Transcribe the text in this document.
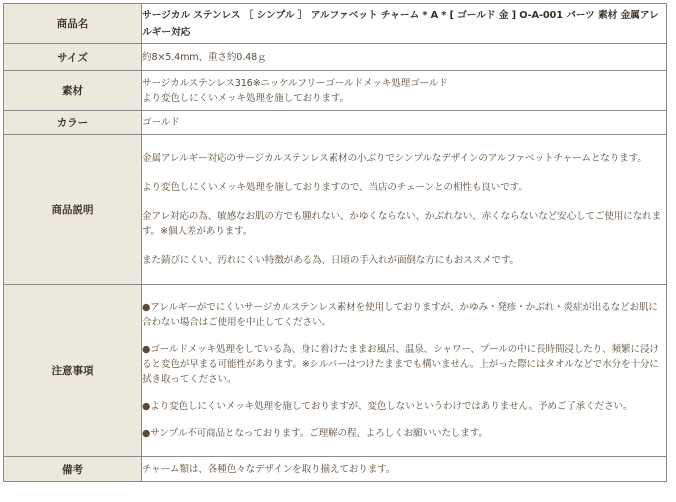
商品名	サージカル ステンレス ［ シンプル ］ アルファベット チャーム * A * [ ゴールド 金 ] O-A-001 パーツ 素材 金属アレルギー対応
サイズ	約8×5.4mm、重さ約0.48ｇ
素材	サージカルステンレス316※ニッケルフリーゴールドメッキ処理ゴールド
より変色しにくいメッキ処理を施しております。

カラー	ゴールド
商品説明	金属アレルギー対応のサージカルステンレス素材の小ぶりでシンプルなデザインのアルファベットチャームとなります。
より変色しにくいメッキ処理を施しておりますので、当店のチェーンとの相性も良いです。
金アレ対応の為、敏感なお肌の方でも腫れない、かゆくならない、かぶれない、赤くならないなど安心してご使用になれます。※個人差があります。
また錆びにくい、汚れにくい特徴がある為、日頃の手入れが面倒な方にもおススメです。

注意事項	●アレルギーがでにくいサージカルステンレス素材を使用しておりますが、かゆみ・発疹・かぶれ・炎症が出るなどお肌に合わない場合はご使用を中止してください。
●ゴールドメッキ処理をしている為、身に着けたままお風呂、温泉、シャワー、プールの中に長時間浸したり、頻繁に浸けると変色が早まる可能性があります。※シルバーはつけたままでも構いません。上がった際にはタオルなどで水分を十分に拭き取ってください。
●より変色しにくいメッキ処理を施しておりますが、変色しないというわけではありません。予めご了承ください。
●サンプル不可商品となっております。ご理解の程、よろしくお願いいたします。

備考	チャーム類は、各種色々なデザインを取り揃えております。
